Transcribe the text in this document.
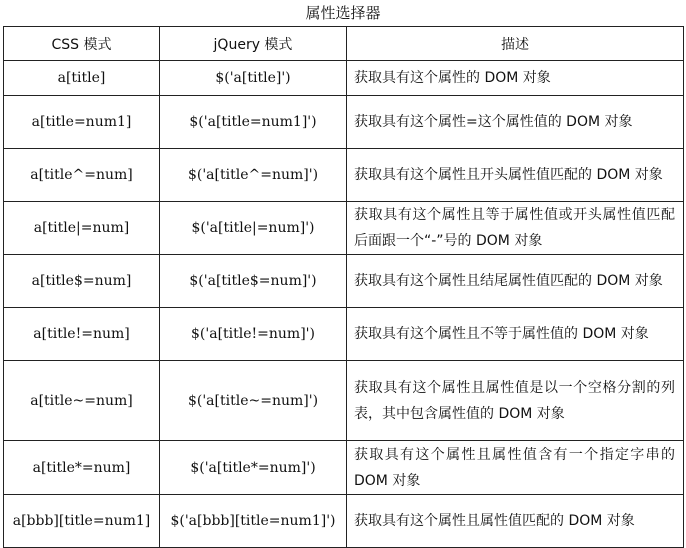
属性选择器
CSS 模式	jQuery 模式	描述
a[title]	$('a[title]')	获取具有这个属性的 DOM 对象
a[title=num1]	$('a[title=num1]')	获取具有这个属性=这个属性值的 DOM 对象
a[title^=num]	$('a[title^=num]')	获取具有这个属性且开头属性值匹配的 DOM 对象
a[title|=num]	$('a[title|=num]')	获取具有这个属性且等于属性值或开头属性值匹配后面跟一个“-”号的 DOM 对象
a[title$=num]	$('a[title$=num]')	获取具有这个属性且结尾属性值匹配的 DOM 对象
a[title!=num]	$('a[title!=num]')	获取具有这个属性且不等于属性值的 DOM 对象
a[title~=num]	$('a[title~=num]')	获取具有这个属性且属性值是以一个空格分割的列表，其中包含属性值的 DOM 对象
a[title*=num]	$('a[title*=num]')	获取具有这个属性且属性值含有一个指定字串的 DOM 对象
a[bbb][title=num1]	$('a[bbb][title=num1]')	获取具有这个属性且属性值匹配的 DOM 对象
